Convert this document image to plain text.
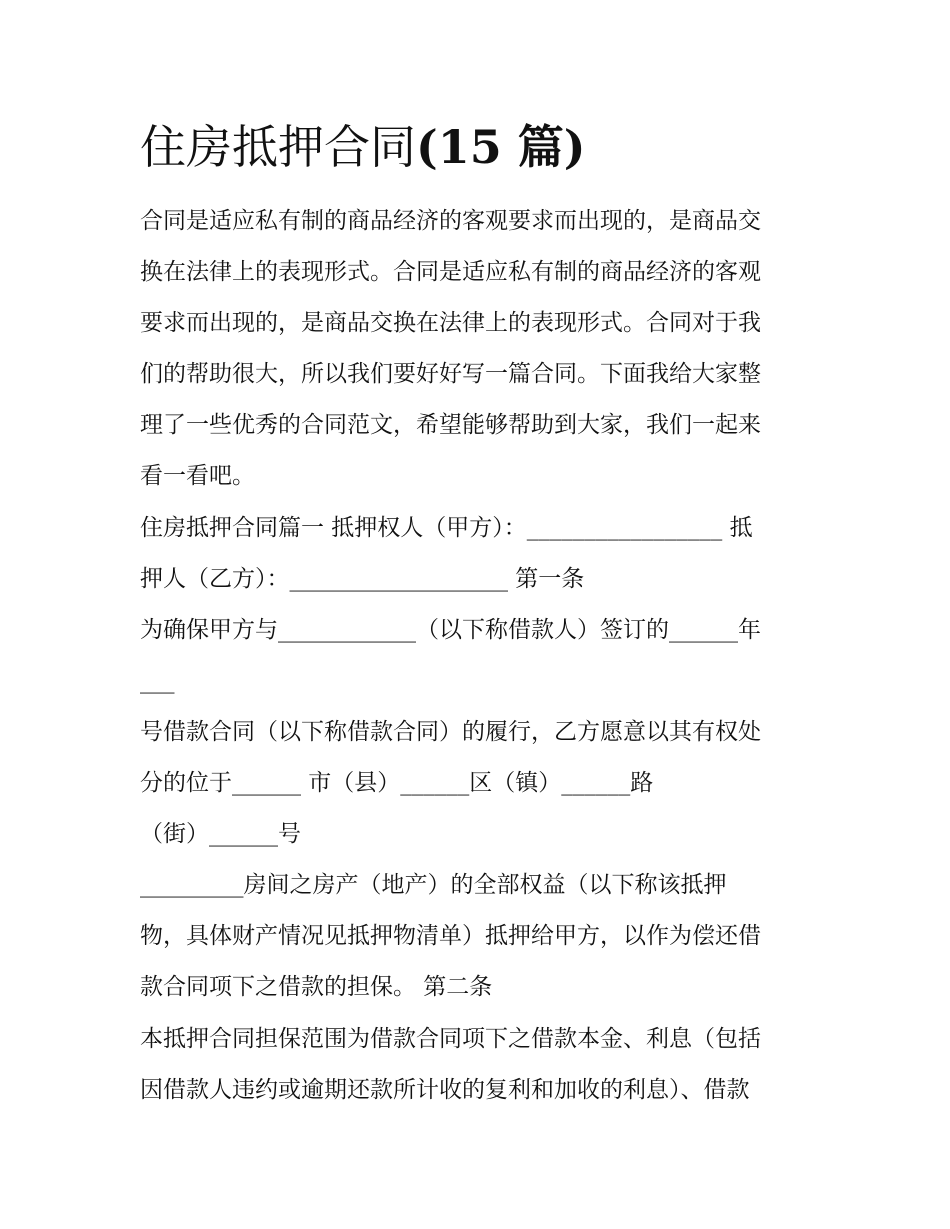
住房抵押合同(15 篇)
合同是适应私有制的商品经济的客观要求而出现的，是商品交
换在法律上的表现形式。合同是适应私有制的商品经济的客观
要求而出现的，是商品交换在法律上的表现形式。合同对于我
们的帮助很大，所以我们要好好写一篇合同。下面我给大家整
理了一些优秀的合同范文，希望能够帮助到大家，我们一起来
看一看吧。
住房抵押合同篇一 抵押权人（甲方）：_________________ 抵
押人（乙方）：___________________ 第一条
为确保甲方与____________（以下称借款人）签订的______年
___
号借款合同（以下称借款合同）的履行，乙方愿意以其有权处
分的位于______ 市（县）______区（镇）______路
（街）______号
_________房间之房产（地产）的全部权益（以下称该抵押
物，具体财产情况见抵押物清单）抵押给甲方，以作为偿还借
款合同项下之借款的担保。 第二条
本抵押合同担保范围为借款合同项下之借款本金、利息（包括
因借款人违约或逾期还款所计收的复利和加收的利息）、借款
